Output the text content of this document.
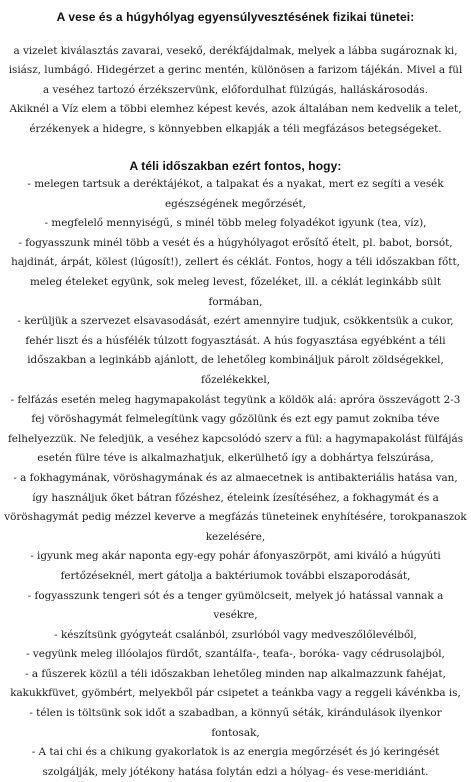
A vese és a húgyhólyag egyensúlyvesztésének fizikai tünetei:

a vizelet kiválasztás zavarai, vesekő, derékfájdalmak, melyek a lábba sugároznak ki, isiász, lumbágó. Hidegérzet a gerinc mentén, különösen a farizom tájékán. Mivel a fül a veséhez tartozó érzékszervünk, előfordulhat fülzúgás, halláskárosodás.

Akiknél a Víz elem a többi elemhez képest kevés, azok általában nem kedvelik a telet, érzékenyek a hidegre, s könnyebben elkapják a téli megfázásos betegségeket.

A téli időszakban ezért fontos, hogy:

- melegen tartsuk a deréktájékot, a talpakat és a nyakat, mert ez segíti a vesék egészségének megőrzését,

- megfelelő mennyiségű, s minél több meleg folyadékot igyunk (tea, víz),

- fogyasszunk minél több a vesét és a húgyhólyagot erősítő ételt, pl. babot, borsót, hajdinát, árpát, kölest (lúgosít!), zellert és céklát. Fontos, hogy a téli időszakban főtt, meleg ételeket együnk, sok meleg levest, főzeléket, ill. a céklát leginkább sült formában,

- kerüljük a szervezet elsavasodását, ezért amennyire tudjuk, csökkentsük a cukor, fehér liszt és a húsfélék túlzott fogyasztását. A hús fogyasztása egyébként a téli időszakban a leginkább ajánlott, de lehetőleg kombináljuk párolt zöldségekkel, főzelékekkel,

- felfázás esetén meleg hagymapakolást tegyünk a köldök alá: apróra összevágott 2-3 fej vöröshagymát felmelegítünk vagy gőzölünk és ezt egy pamut zokniba téve felhelyezzük. Ne feledjük, a veséhez kapcsolódó szerv a fül: a hagymapakolást fülfájás esetén fülre téve is alkalmazhatjuk, elkerülhető így a dobhártya felszúrása,

- a fokhagymának, vöröshagymának és az almaecetnek is antibakteriális hatása van, így használjuk őket bátran főzéshez, ételeink ízesítéséhez, a fokhagymát és a vöröshagymát pedig mézzel keverve a megfázás tüneteinek enyhítésére, torokpanaszok kezelésére,

- igyunk meg akár naponta egy-egy pohár áfonyaszörpöt, ami kiváló a húgyúti fertőzéseknél, mert gátolja a baktériumok további elszaporodását,

- fogyasszunk tengeri sót és a tenger gyümölcseit, melyek jó hatással vannak a vesékre,

- készítsünk gyógyteát csalánból, zsurlóból vagy medveszőlőlevélből,

- vegyünk meleg illóolajos fürdőt, szantálfa-, teafa-, boróka- vagy cédrusolajból,

- a fűszerek közül a téli időszakban lehetőleg minden nap alkalmazzunk fahéjat, kakukkfüvet, gyömbért, melyekből pár csipetet a teánkba vagy a reggeli kávénkba is,

- télen is töltsünk sok időt a szabadban, a könnyű séták, kirándulások ilyenkor fontosak,

- A tai chi és a chikung gyakorlatok is az energia megőrzését és jó keringését szolgálják, mely jótékony hatása folytán edzi a hólyag- és vese-meridiánt.
